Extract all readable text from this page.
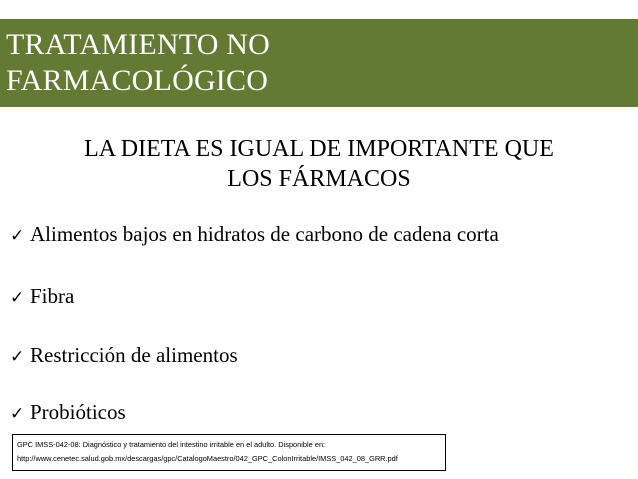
TRATAMIENTO NO
FARMACOLÓGICO
LA DIETA ES IGUAL DE IMPORTANTE QUE
LOS FÁRMACOS
✓ Alimentos bajos en hidratos de carbono de cadena corta
✓ Fibra
✓ Restricción de alimentos
✓ Probióticos
GPC IMSS-042-08: Diagnóstico y tratamiento del intestino irritable en el adulto. Disponible en:
http://www.cenetec.salud.gob.mx/descargas/gpc/CatalogoMaestro/042_GPC_ColonIrritable/IMSS_042_08_GRR.pdf
